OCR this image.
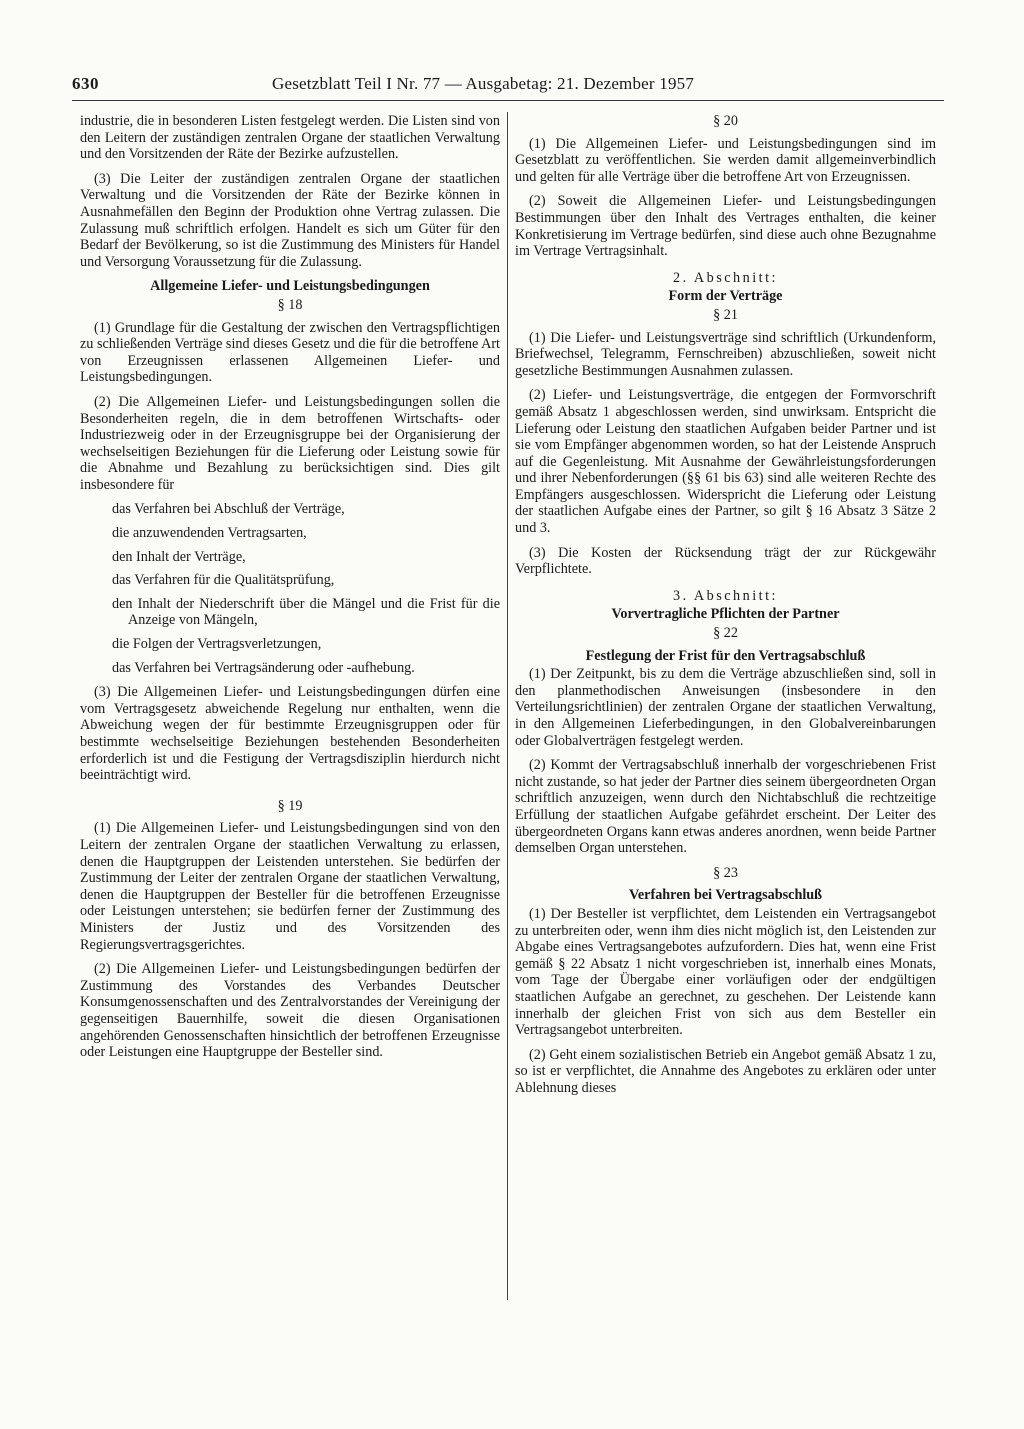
630	Gesetzblatt Teil I Nr. 77 — Ausgabetag: 21. Dezember 1957

industrie, die in besonderen Listen festgelegt werden. Die Listen sind von den Leitern der zuständigen zentralen Organe der staatlichen Verwaltung und den Vorsitzenden der Räte der Bezirke aufzustellen.

(3) Die Leiter der zuständigen zentralen Organe der staatlichen Verwaltung und die Vorsitzenden der Räte der Bezirke können in Ausnahmefällen den Beginn der Produktion ohne Vertrag zulassen. Die Zulassung muß schriftlich erfolgen. Handelt es sich um Güter für den Bedarf der Bevölkerung, so ist die Zustimmung des Ministers für Handel und Versorgung Voraussetzung für die Zulassung.

Allgemeine Liefer- und Leistungsbedingungen
§ 18

(1) Grundlage für die Gestaltung der zwischen den Vertragspflichtigen zu schließenden Verträge sind dieses Gesetz und die für die betroffene Art von Erzeugnissen erlassenen Allgemeinen Liefer- und Leistungsbedingungen.

(2) Die Allgemeinen Liefer- und Leistungsbedingungen sollen die Besonderheiten regeln, die in dem betroffenen Wirtschafts- oder Industriezweig oder in der Erzeugnisgruppe bei der Organisierung der wechselseitigen Beziehungen für die Lieferung oder Leistung sowie für die Abnahme und Bezahlung zu berücksichtigen sind. Dies gilt insbesondere für

das Verfahren bei Abschluß der Verträge,
die anzuwendenden Vertragsarten,
den Inhalt der Verträge,
das Verfahren für die Qualitätsprüfung,
den Inhalt der Niederschrift über die Mängel und die Frist für die Anzeige von Mängeln,
die Folgen der Vertragsverletzungen,
das Verfahren bei Vertragsänderung oder -aufhebung.

(3) Die Allgemeinen Liefer- und Leistungsbedingungen dürfen eine vom Vertragsgesetz abweichende Regelung nur enthalten, wenn die Abweichung wegen der für bestimmte Erzeugnisgruppen oder für bestimmte wechselseitige Beziehungen bestehenden Besonderheiten erforderlich ist und die Festigung der Vertragsdisziplin hierdurch nicht beeinträchtigt wird.

§ 19

(1) Die Allgemeinen Liefer- und Leistungsbedingungen sind von den Leitern der zentralen Organe der staatlichen Verwaltung zu erlassen, denen die Hauptgruppen der Leistenden unterstehen. Sie bedürfen der Zustimmung der Leiter der zentralen Organe der staatlichen Verwaltung, denen die Hauptgruppen der Besteller für die betroffenen Erzeugnisse oder Leistungen unterstehen; sie bedürfen ferner der Zustimmung des Ministers der Justiz und des Vorsitzenden des Regierungsvertragsgerichtes.

(2) Die Allgemeinen Liefer- und Leistungsbedingungen bedürfen der Zustimmung des Vorstandes des Verbandes Deutscher Konsumgenossenschaften und des Zentralvorstandes der Vereinigung der gegenseitigen Bauernhilfe, soweit die diesen Organisationen angehörenden Genossenschaften hinsichtlich der betroffenen Erzeugnisse oder Leistungen eine Hauptgruppe der Besteller sind.

§ 20

(1) Die Allgemeinen Liefer- und Leistungsbedingungen sind im Gesetzblatt zu veröffentlichen. Sie werden damit allgemeinverbindlich und gelten für alle Verträge über die betroffene Art von Erzeugnissen.

(2) Soweit die Allgemeinen Liefer- und Leistungsbedingungen Bestimmungen über den Inhalt des Vertrages enthalten, die keiner Konkretisierung im Vertrage bedürfen, sind diese auch ohne Bezugnahme im Vertrage Vertragsinhalt.

2. Abschnitt:
Form der Verträge
§ 21

(1) Die Liefer- und Leistungsverträge sind schriftlich (Urkundenform, Briefwechsel, Telegramm, Fernschreiben) abzuschließen, soweit nicht gesetzliche Bestimmungen Ausnahmen zulassen.

(2) Liefer- und Leistungsverträge, die entgegen der Formvorschrift gemäß Absatz 1 abgeschlossen werden, sind unwirksam. Entspricht die Lieferung oder Leistung den staatlichen Aufgaben beider Partner und ist sie vom Empfänger abgenommen worden, so hat der Leistende Anspruch auf die Gegenleistung. Mit Ausnahme der Gewährleistungsforderungen und ihrer Nebenforderungen (§§ 61 bis 63) sind alle weiteren Rechte des Empfängers ausgeschlossen. Widerspricht die Lieferung oder Leistung der staatlichen Aufgabe eines der Partner, so gilt § 16 Absatz 3 Sätze 2 und 3.

(3) Die Kosten der Rücksendung trägt der zur Rückgewähr Verpflichtete.

3. Abschnitt:
Vorvertragliche Pflichten der Partner
§ 22
Festlegung der Frist für den Vertragsabschluß

(1) Der Zeitpunkt, bis zu dem die Verträge abzuschließen sind, soll in den planmethodischen Anweisungen (insbesondere in den Verteilungsrichtlinien) der zentralen Organe der staatlichen Verwaltung, in den Allgemeinen Lieferbedingungen, in den Globalvereinbarungen oder Globalverträgen festgelegt werden.

(2) Kommt der Vertragsabschluß innerhalb der vorgeschriebenen Frist nicht zustande, so hat jeder der Partner dies seinem übergeordneten Organ schriftlich anzuzeigen, wenn durch den Nichtabschluß die rechtzeitige Erfüllung der staatlichen Aufgabe gefährdet erscheint. Der Leiter des übergeordneten Organs kann etwas anderes anordnen, wenn beide Partner demselben Organ unterstehen.

§ 23
Verfahren bei Vertragsabschluß

(1) Der Besteller ist verpflichtet, dem Leistenden ein Vertragsangebot zu unterbreiten oder, wenn ihm dies nicht möglich ist, den Leistenden zur Abgabe eines Vertragsangebotes aufzufordern. Dies hat, wenn eine Frist gemäß § 22 Absatz 1 nicht vorgeschrieben ist, innerhalb eines Monats, vom Tage der Übergabe einer vorläufigen oder der endgültigen staatlichen Aufgabe an gerechnet, zu geschehen. Der Leistende kann innerhalb der gleichen Frist von sich aus dem Besteller ein Vertragsangebot unterbreiten.

(2) Geht einem sozialistischen Betrieb ein Angebot gemäß Absatz 1 zu, so ist er verpflichtet, die Annahme des Angebotes zu erklären oder unter Ablehnung dieses
